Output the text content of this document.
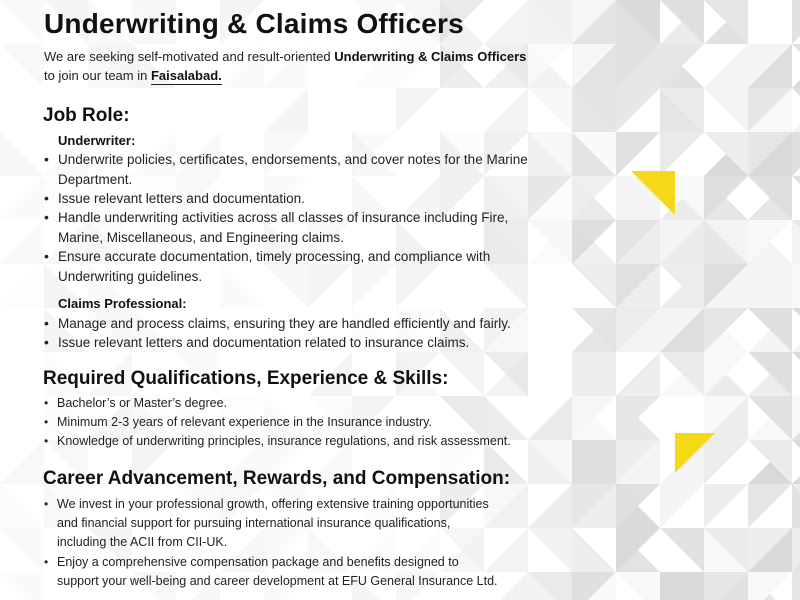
Underwriting & Claims Officers
We are seeking self-motivated and result-oriented Underwriting & Claims Officers
to join our team in Faisalabad.
Job Role:
Underwriter:
• Underwrite policies, certificates, endorsements, and cover notes for the Marine
Department.
• Issue relevant letters and documentation.
• Handle underwriting activities across all classes of insurance including Fire,
Marine, Miscellaneous, and Engineering claims.
• Ensure accurate documentation, timely processing, and compliance with
Underwriting guidelines.
Claims Professional:
• Manage and process claims, ensuring they are handled efficiently and fairly.
• Issue relevant letters and documentation related to insurance claims.
Required Qualifications, Experience & Skills:
• Bachelor’s or Master’s degree.
• Minimum 2-3 years of relevant experience in the Insurance industry.
• Knowledge of underwriting principles, insurance regulations, and risk assessment.
Career Advancement, Rewards, and Compensation:
• We invest in your professional growth, offering extensive training opportunities
and financial support for pursuing international insurance qualifications,
including the ACII from CII-UK.
• Enjoy a comprehensive compensation package and benefits designed to
support your well-being and career development at EFU General Insurance Ltd.
